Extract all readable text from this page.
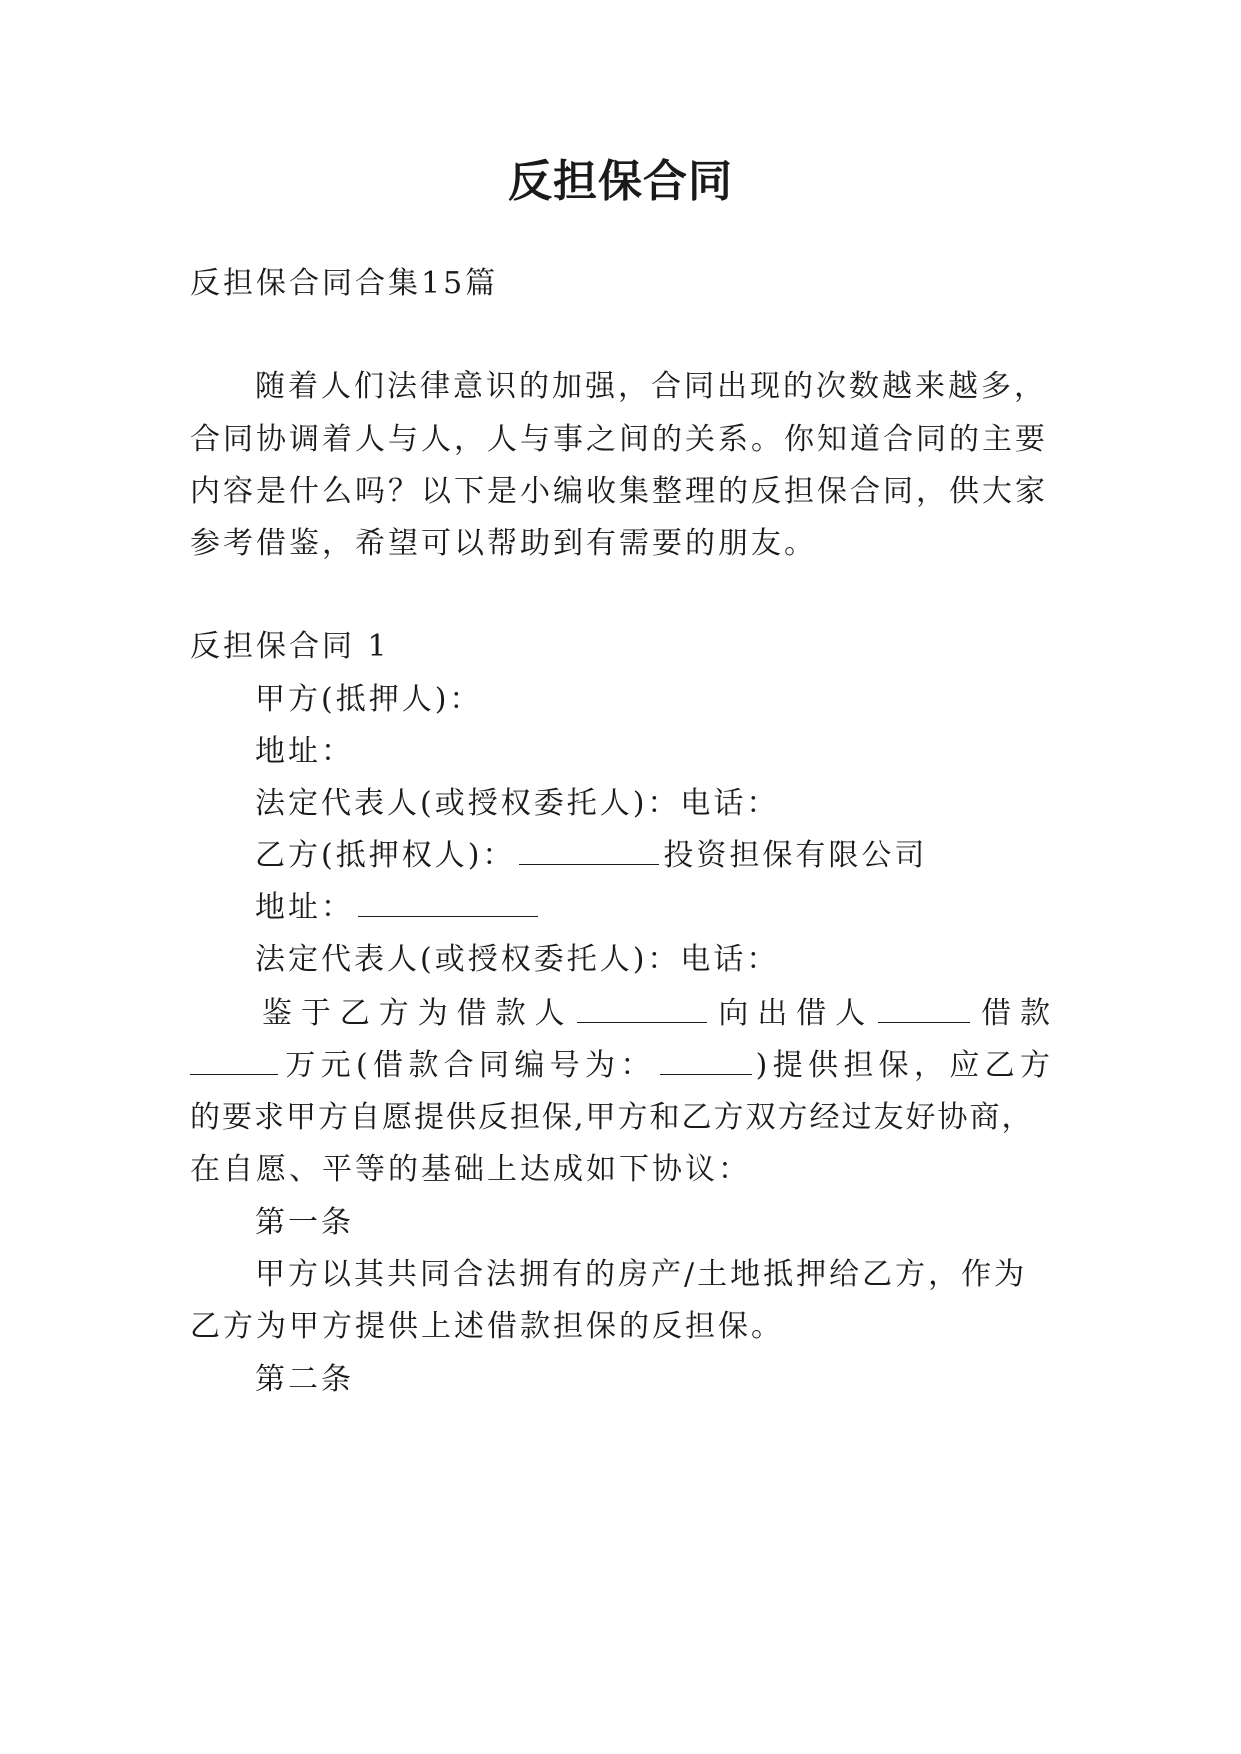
反担保合同
反担保合同合集15篇
随着人们法律意识的加强，合同出现的次数越来越多，
合同协调着人与人，人与事之间的关系。你知道合同的主要
内容是什么吗？以下是小编收集整理的反担保合同，供大家
参考借鉴，希望可以帮助到有需要的朋友。
反担保合同 1
甲方(抵押人)：
地址：
法定代表人(或授权委托人)：电话：
乙方(抵押权人)：	投资担保有限公司
地址：
法定代表人(或授权委托人)：电话：
鉴于乙方为借款人	向出借人	借款
万元(借款合同编号为：	)提供担保，应乙方
的要求甲方自愿提供反担保,甲方和乙方双方经过友好协商，
在自愿、平等的基础上达成如下协议：
第一条
甲方以其共同合法拥有的房产/土地抵押给乙方，作为
乙方为甲方提供上述借款担保的反担保。
第二条
